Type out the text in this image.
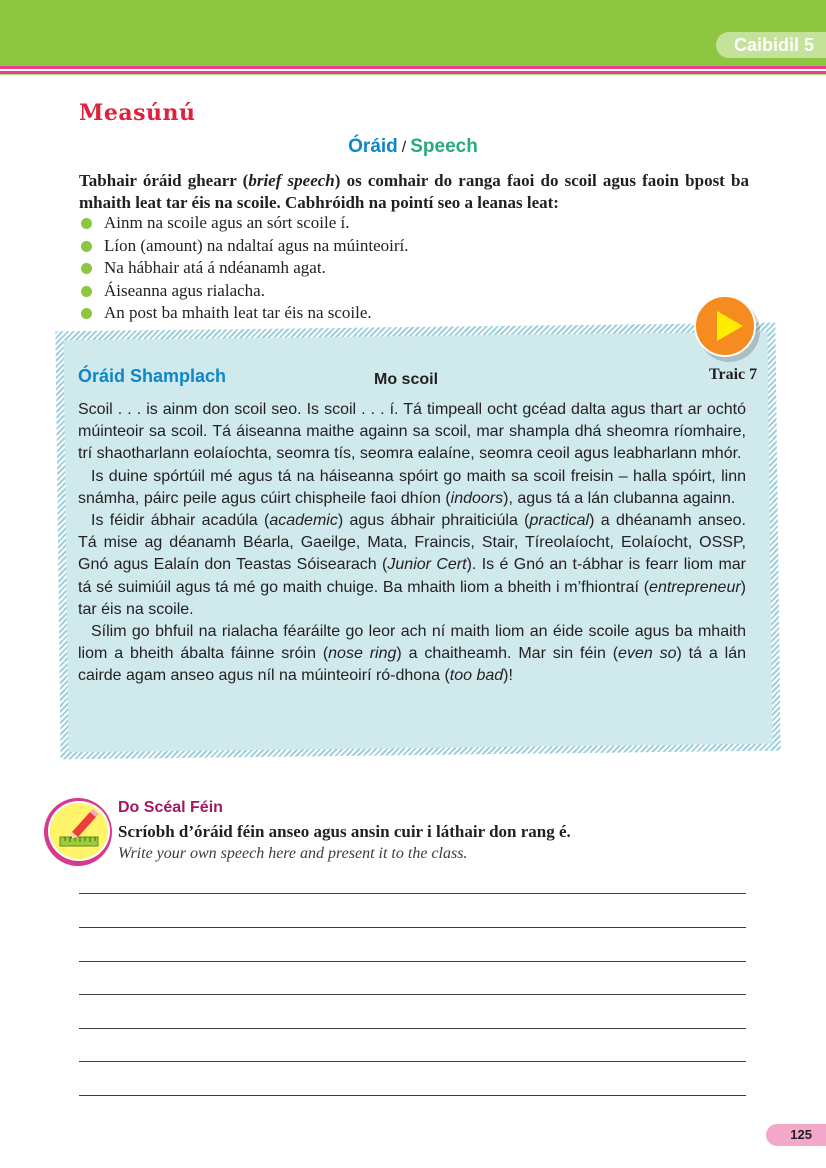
Caibidil 5
Measúnú
Óráid / Speech
Tabhair óráid ghearr (brief speech) os comhair do ranga faoi do scoil agus faoin bpost ba mhaith leat tar éis na scoile. Cabhróidh na pointí seo a leanas leat:
Ainm na scoile agus an sórt scoile í.
Líon (amount) na ndaltaí agus na múinteoirí.
Na hábhair atá á ndéanamh agat.
Áiseanna agus rialacha.
An post ba mhaith leat tar éis na scoile.
Traic 7
Óráid Shamplach	Mo scoil

Scoil . . . is ainm don scoil seo. Is scoil . . . í. Tá timpeall ocht gcéad dalta agus thart ar ochtó múinteoir sa scoil. Tá áiseanna maithe againn sa scoil, mar shampla dhá sheomra ríomhaire, trí shaotharlann eolaíochta, seomra tís, seomra ealaíne, seomra ceoil agus leabharlann mhór.

Is duine spórtúil mé agus tá na háiseanna spóirt go maith sa scoil freisin – halla spóirt, linn snámha, páirc peile agus cúirt chispheile faoi dhíon (indoors), agus tá a lán clubanna againn.

Is féidir ábhair acadúla (academic) agus ábhair phraiticiúla (practical) a dhéanamh anseo. Tá mise ag déanamh Béarla, Gaeilge, Mata, Fraincis, Stair, Tíreolaíocht, Eolaíocht, OSSP, Gnó agus Ealaín don Teastas Sóisearach (Junior Cert). Is é Gnó an t-ábhar is fearr liom mar tá sé suimiúil agus tá mé go maith chuige. Ba mhaith liom a bheith i m’fhiontraí (entrepreneur) tar éis na scoile.

Sílim go bhfuil na rialacha féaráilte go leor ach ní maith liom an éide scoile agus ba mhaith liom a bheith ábalta fáinne sróin (nose ring) a chaitheamh. Mar sin féin (even so) tá a lán cairde agam anseo agus níl na múinteoirí ró-dhona (too bad)!

Do Scéal Féin
Scríobh d’óráid féin anseo agus ansin cuir i láthair don rang é.
Write your own speech here and present it to the class.
125
